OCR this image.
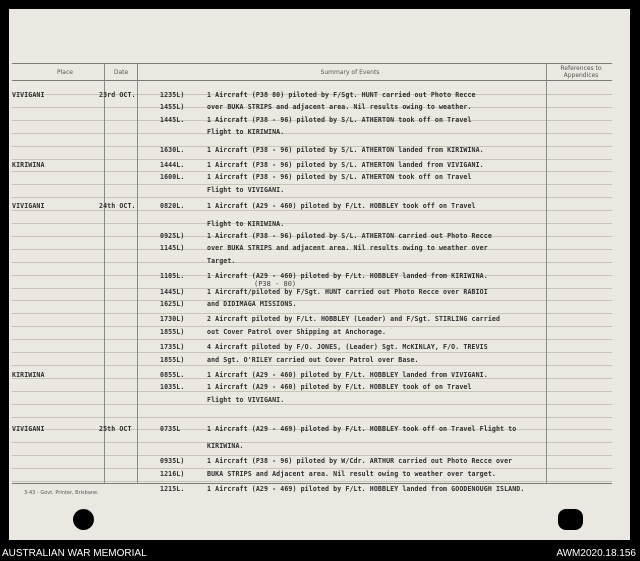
Place	Date	Summary of Events
References to Appendices
VIVIGANI	23rd OCT.	1235L)	1 Aircraft (P38 80) piloted by F/Sgt. HUNT carried out Photo Recce
1455L)	over BUKA STRIPS and adjacent area. Nil results owing to weather.
1445L.	1 Aircraft (P38 - 96) piloted by S/L. ATHERTON took off on Travel
Flight to KIRIWINA.
1630L.	1 Aircraft (P38 - 96) piloted by S/L. ATHERTON landed from KIRIWINA.
KIRIWINA	1444L.	1 Aircraft (P38 - 96) piloted by S/L. ATHERTON landed from VIVIGANI.
1600L.	1 Aircraft (P38 - 96) piloted by S/L. ATHERTON took off on Travel
Flight to VIVIGANI.
VIVIGANI	24th OCT.	0820L.	1 Aircraft (A29 - 460) piloted by F/Lt. HOBBLEY took off on Travel
Flight to KIRIWINA.
0925L)	1 Aircraft (P38 - 96) piloted by S/L. ATHERTON carried out Photo Recce
1145L)	over BUKA STRIPS and adjacent area. Nil results owing to weather over
Target.
1105L.	1 Aircraft (A29 - 460) piloted by F/Lt. HOBBLEY landed from KIRIWINA.
1445L)	1 Aircraft/piloted by F/Sgt. HUNT carried out Photo Recce over RABIOI
1625L)	and DIDIMAGA MISSIONS.
1730L)	2 Aircraft piloted by F/Lt. HOBBLEY (Leader) and F/Sgt. STIRLING carried
1855L)	out Cover Patrol over Shipping at Anchorage.
1735L)	4 Aircraft piloted by F/O. JONES, (Leader) Sgt. McKINLAY, F/O. TREVIS
1855L)	and Sgt. O'RILEY carried out Cover Patrol over Base.
KIRIWINA	0855L.	1 Aircraft (A29 - 460) piloted by F/Lt. HOBBLEY landed from VIVIGANI.
1035L.	1 Aircraft (A29 - 460) piloted by F/Lt. HOBBLEY took of on Travel
Flight to VIVIGANI.
VIVIGANI	25th OCT	0735L	1 Aircraft (A29 - 469) piloted by F/Lt. HOBBLEY took off on Travel Flight to
KIRIWINA.
0935L)	1 Aircraft (P38 - 96) piloted by W/Cdr. ARTHUR carried out Photo Recce over
1216L)	BUKA STRIPS and Adjacent area. Nil result owing to weather over target.
1215L.	1 Aircraft (A29 - 469) piloted by F/Lt. HOBBLEY landed from GOODENOUGH ISLAND.
(P38 - 80)
3-43 - Govt. Printer, Brisbane.
AUSTRALIAN WAR MEMORIAL	AWM2020.18.156
